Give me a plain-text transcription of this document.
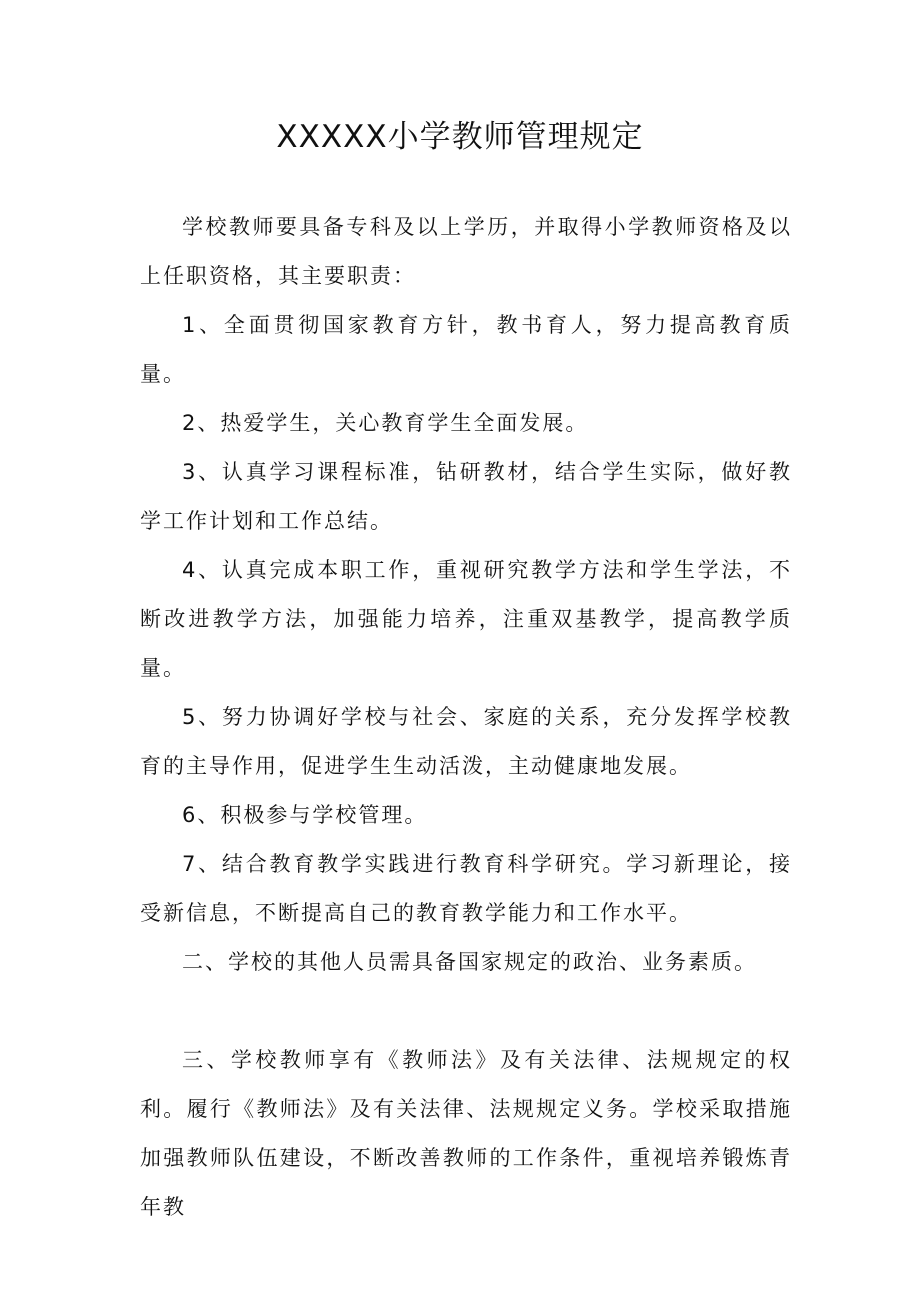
XXXXX小学教师管理规定

学校教师要具备专科及以上学历，并取得小学教师资格及以上任职资格，其主要职责：

1、全面贯彻国家教育方针，教书育人，努力提高教育质量。

2、热爱学生，关心教育学生全面发展。

3、认真学习课程标准，钻研教材，结合学生实际，做好教学工作计划和工作总结。

4、认真完成本职工作，重视研究教学方法和学生学法，不断改进教学方法，加强能力培养，注重双基教学，提高教学质量。

5、努力协调好学校与社会、家庭的关系，充分发挥学校教育的主导作用，促进学生生动活泼，主动健康地发展。

6、积极参与学校管理。

7、结合教育教学实践进行教育科学研究。学习新理论，接受新信息，不断提高自己的教育教学能力和工作水平。

二、学校的其他人员需具备国家规定的政治、业务素质。

三、学校教师享有《教师法》及有关法律、法规规定的权利。履行《教师法》及有关法律、法规规定义务。学校采取措施加强教师队伍建设，不断改善教师的工作条件，重视培养锻炼青年教
